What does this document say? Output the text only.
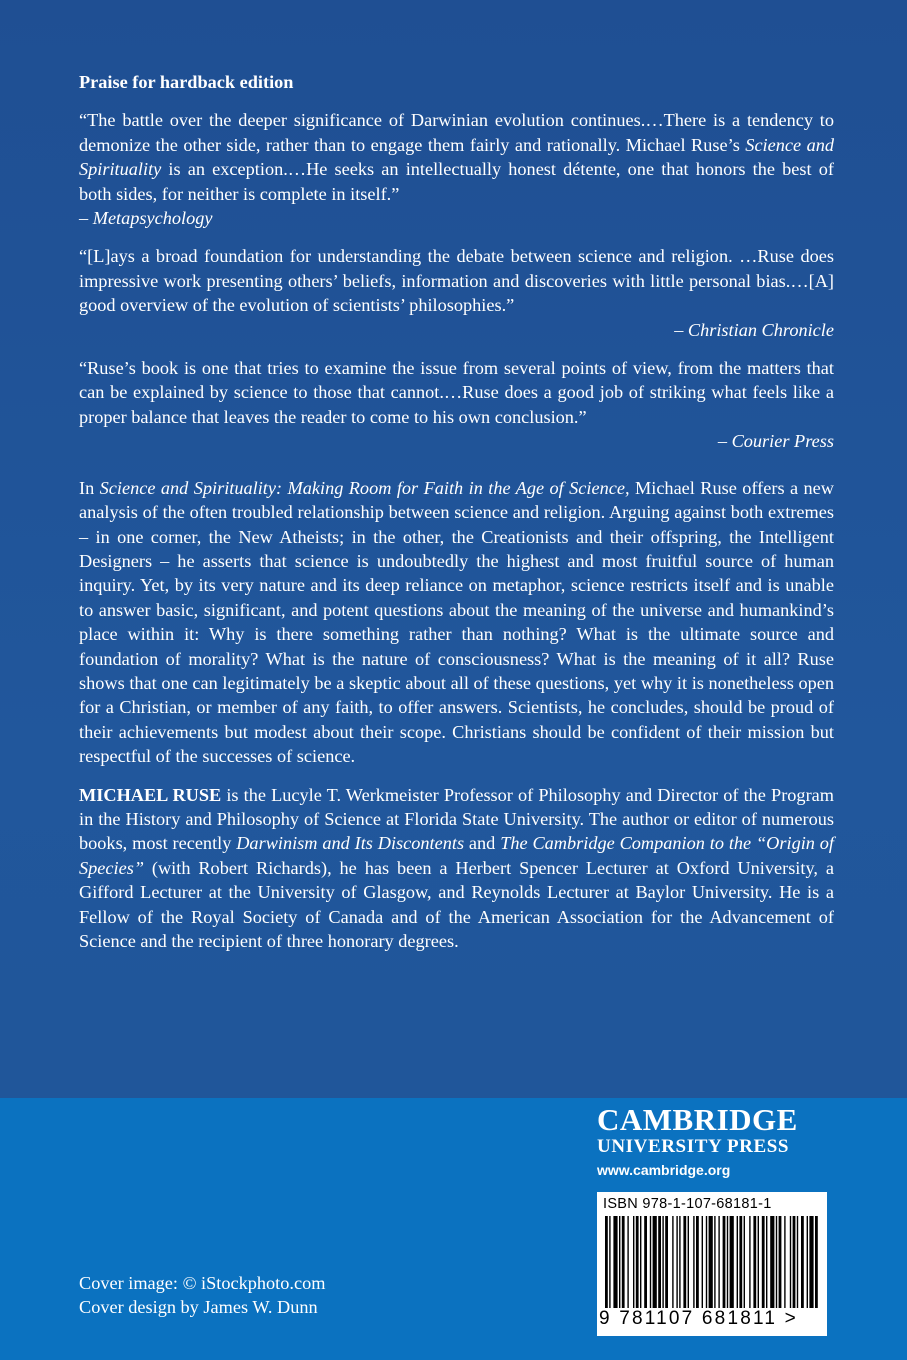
Praise for hardback edition

“The battle over the deeper significance of Darwinian evolution continues.…There is a tendency to demonize the other side, rather than to engage them fairly and rationally. Michael Ruse’s Science and Spirituality is an exception.…He seeks an intellectually honest détente, one that honors the best of both sides, for neither is complete in itself.”

– Metapsychology

“[L]ays a broad foundation for understanding the debate between science and religion. …Ruse does impressive work presenting others’ beliefs, information and discoveries with little personal bias.…[A] good overview of the evolution of scientists’ philosophies.”

– Christian Chronicle

“Ruse’s book is one that tries to examine the issue from several points of view, from the matters that can be explained by science to those that cannot.…Ruse does a good job of striking what feels like a proper balance that leaves the reader to come to his own conclusion.”

– Courier Press

In Science and Spirituality: Making Room for Faith in the Age of Science, Michael Ruse offers a new analysis of the often troubled relationship between science and religion. Arguing against both extremes – in one corner, the New Atheists; in the other, the Creationists and their offspring, the Intelligent Designers – he asserts that science is undoubtedly the highest and most fruitful source of human inquiry. Yet, by its very nature and its deep reliance on metaphor, science restricts itself and is unable to answer basic, significant, and potent questions about the meaning of the universe and humankind’s place within it: Why is there something rather than nothing? What is the ultimate source and foundation of morality? What is the nature of consciousness? What is the meaning of it all? Ruse shows that one can legitimately be a skeptic about all of these questions, yet why it is nonetheless open for a Christian, or member of any faith, to offer answers. Scientists, he concludes, should be proud of their achievements but modest about their scope. Christians should be confident of their mission but respectful of the successes of science.

MICHAEL RUSE is the Lucyle T. Werkmeister Professor of Philosophy and Director of the Program in the History and Philosophy of Science at Florida State University. The author or editor of numerous books, most recently Darwinism and Its Discontents and The Cambridge Companion to the “Origin of Species” (with Robert Richards), he has been a Herbert Spencer Lecturer at Oxford University, a Gifford Lecturer at the University of Glasgow, and Reynolds Lecturer at Baylor University. He is a Fellow of the Royal Society of Canada and of the American Association for the Advancement of Science and the recipient of three honorary degrees.

CAMBRIDGE
UNIVERSITY PRESS
www.cambridge.org
ISBN 978-1-107-68181-1
9 781107 681811 >
Cover image: © iStockphoto.com
Cover design by James W. Dunn
